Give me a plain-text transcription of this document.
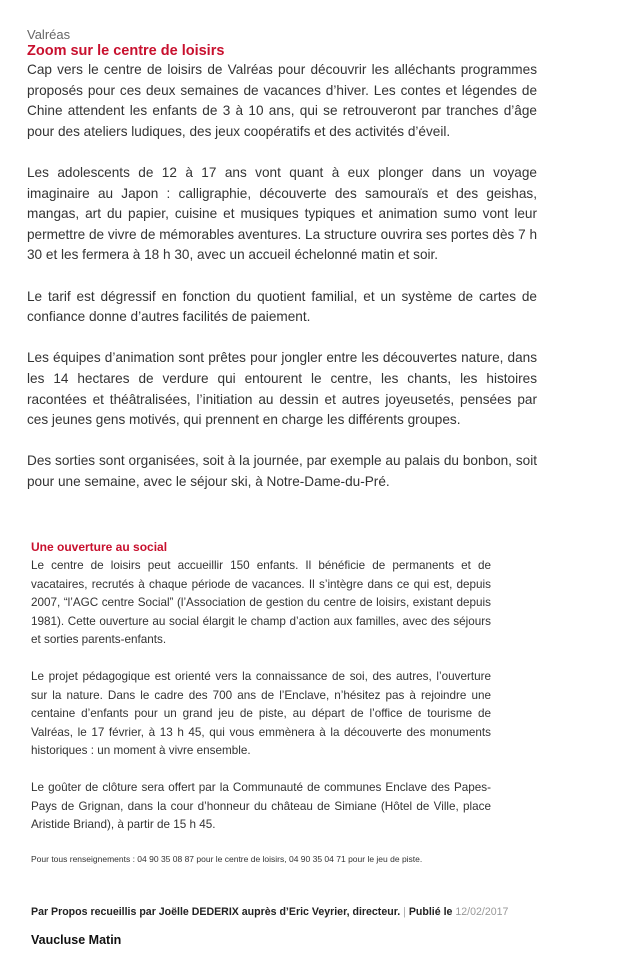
Valréas
Zoom sur le centre de loisirs

Cap vers le centre de loisirs de Valréas pour découvrir les alléchants programmes proposés pour ces deux semaines de vacances d’hiver. Les contes et légendes de Chine attendent les enfants de 3 à 10 ans, qui se retrouveront par tranches d’âge pour des ateliers ludiques, des jeux coopératifs et des activités d’éveil.

Les adolescents de 12 à 17 ans vont quant à eux plonger dans un voyage imaginaire au Japon : calligraphie, découverte des samouraïs et des geishas, mangas, art du papier, cuisine et musiques typiques et animation sumo vont leur permettre de vivre de mémorables aventures. La structure ouvrira ses portes dès 7 h 30 et les fermera à 18 h 30, avec un accueil échelonné matin et soir.

Le tarif est dégressif en fonction du quotient familial, et un système de cartes de confiance donne d’autres facilités de paiement.

Les équipes d’animation sont prêtes pour jongler entre les découvertes nature, dans les 14 hectares de verdure qui entourent le centre, les chants, les histoires racontées et théâtralisées, l’initiation au dessin et autres joyeusetés, pensées par ces jeunes gens motivés, qui prennent en charge les différents groupes.

Des sorties sont organisées, soit à la journée, par exemple au palais du bonbon, soit pour une semaine, avec le séjour ski, à Notre-Dame-du-Pré.

Une ouverture au social

Le centre de loisirs peut accueillir 150 enfants. Il bénéficie de permanents et de vacataires, recrutés à chaque période de vacances. Il s’intègre dans ce qui est, depuis 2007, “l’AGC centre Social” (l’Association de gestion du centre de loisirs, existant depuis 1981). Cette ouverture au social élargit le champ d’action aux familles, avec des séjours et sorties parents-enfants.

Le projet pédagogique est orienté vers la connaissance de soi, des autres, l’ouverture sur la nature. Dans le cadre des 700 ans de l’Enclave, n’hésitez pas à rejoindre une centaine d’enfants pour un grand jeu de piste, au départ de l’office de tourisme de Valréas, le 17 février, à 13 h 45, qui vous emmènera à la découverte des monuments historiques : un moment à vivre ensemble.

Le goûter de clôture sera offert par la Communauté de communes Enclave des Papes-Pays de Grignan, dans la cour d’honneur du château de Simiane (Hôtel de Ville, place Aristide Briand), à partir de 15 h 45.

Pour tous renseignements : 04 90 35 08 87 pour le centre de loisirs, 04 90 35 04 71 pour le jeu de piste.

Par Propos recueillis par Joëlle DEDERIX auprès d’Eric Veyrier, directeur. | Publié le 12/02/2017
Vaucluse Matin
